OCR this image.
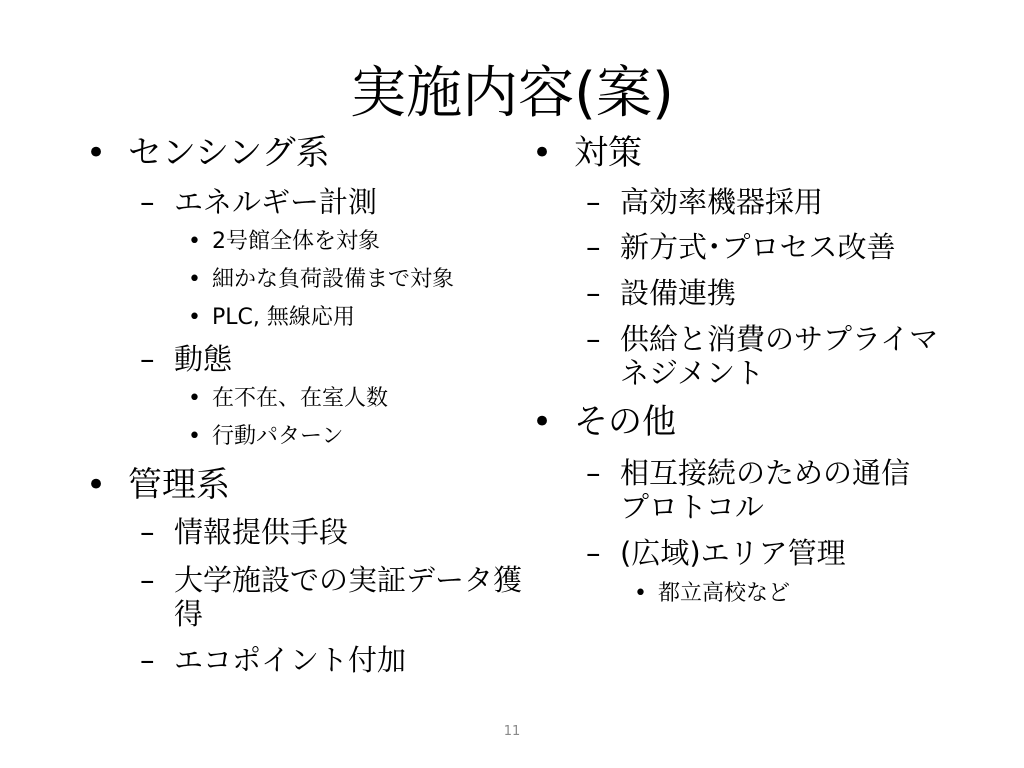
実施内容(案)
• センシング系
– エネルギー計測
• 2号館全体を対象
• 細かな負荷設備まで対象
• PLC, 無線応用
– 動態
• 在不在、在室人数
• 行動パターン
• 管理系
– 情報提供手段
– 大学施設での実証データ獲得
– エコポイント付加
• 対策
– 高効率機器採用
– 新方式･プロセス改善
– 設備連携
– 供給と消費のサプライマネジメント
• その他
– 相互接続のための通信プロトコル
– (広域)エリア管理
• 都立高校など
11
